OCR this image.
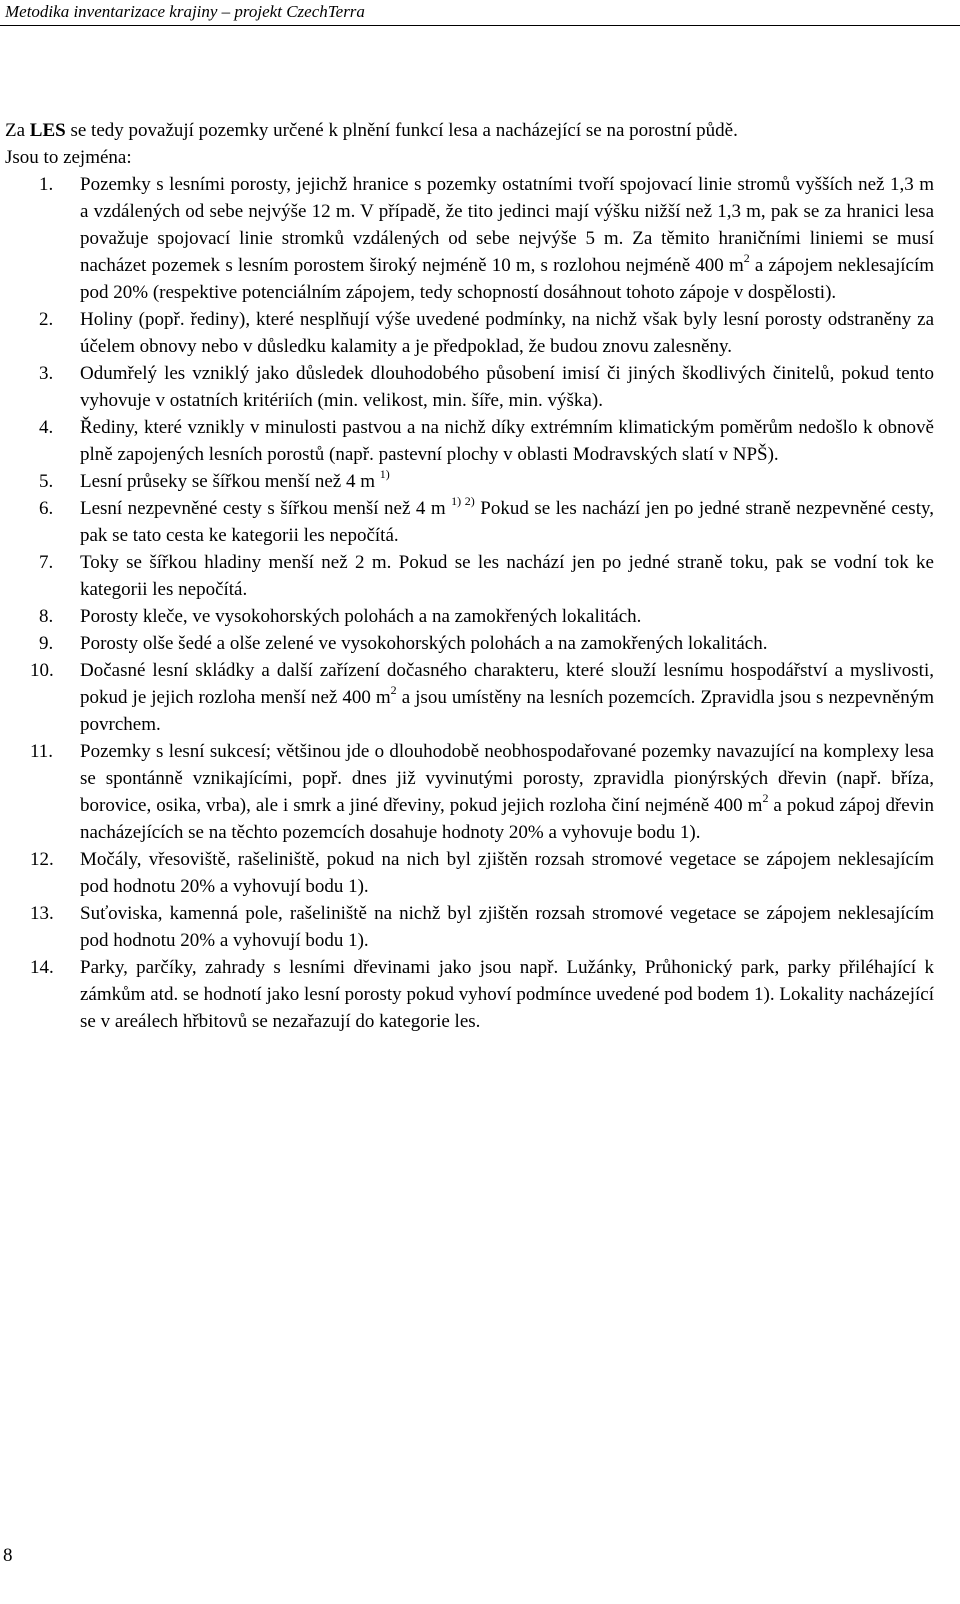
Metodika inventarizace krajiny – projekt CzechTerra

Za LES se tedy považují pozemky určené k plnění funkcí lesa a nacházející se na porostní půdě.

Jsou to zejména:

1. Pozemky s lesními porosty, jejichž hranice s pozemky ostatními tvoří spojovací linie stromů vyšších než 1,3 m a vzdálených od sebe nejvýše 12 m. V případě, že tito jedinci mají výšku nižší než 1,3 m, pak se za hranici lesa považuje spojovací linie stromků vzdálených od sebe nejvýše 5 m. Za těmito hraničními liniemi se musí nacházet pozemek s lesním porostem široký nejméně 10 m, s rozlohou nejméně 400 $m^2$ a zápojem neklesajícím pod 20% (respektive potenciálním zápojem, tedy schopností dosáhnout tohoto zápoje v dospělosti).
2. Holiny (popř. řediny), které nesplňují výše uvedené podmínky, na nichž však byly lesní porosty odstraněny za účelem obnovy nebo v důsledku kalamity a je předpoklad, že budou znovu zalesněny.
3. Odumřelý les vzniklý jako důsledek dlouhodobého působení imisí či jiných škodlivých činitelů, pokud tento vyhovuje v ostatních kritériích (min. velikost, min. šíře, min. výška).
4. Řediny, které vznikly v minulosti pastvou a na nichž díky extrémním klimatickým poměrům nedošlo k obnově plně zapojených lesních porostů (např. pastevní plochy v oblasti Modravských slatí v NPŠ).
5. Lesní průseky se šířkou menší než 4 m $^{1)}$
6. Lesní nezpevněné cesty s šířkou menší než 4 m $^{1) 2)}$ Pokud se les nachází jen po jedné straně nezpevněné cesty, pak se tato cesta ke kategorii les nepočítá.
7. Toky se šířkou hladiny menší než 2 m. Pokud se les nachází jen po jedné straně toku, pak se vodní tok ke kategorii les nepočítá.
8. Porosty kleče, ve vysokohorských polohách a na zamokřených lokalitách.
9. Porosty olše šedé a olše zelené ve vysokohorských polohách a na zamokřených lokalitách.
10. Dočasné lesní skládky a další zařízení dočasného charakteru, které slouží lesnímu hospodářství a myslivosti, pokud je jejich rozloha menší než 400 $m^2$ a jsou umístěny na lesních pozemcích. Zpravidla jsou s nezpevněným povrchem.
11. Pozemky s lesní sukcesí; většinou jde o dlouhodobě neobhospodařované pozemky navazující na komplexy lesa se spontánně vznikajícími, popř. dnes již vyvinutými porosty, zpravidla pionýrských dřevin (např. bříza, borovice, osika, vrba), ale i smrk a jiné dřeviny, pokud jejich rozloha činí nejméně 400 $m^2$ a pokud zápoj dřevin nacházejících se na těchto pozemcích dosahuje hodnoty 20% a vyhovuje bodu 1).
12. Močály, vřesoviště, rašeliniště, pokud na nich byl zjištěn rozsah stromové vegetace se zápojem neklesajícím pod hodnotu 20% a vyhovují bodu 1).
13. Suťoviska, kamenná pole, rašeliniště na nichž byl zjištěn rozsah stromové vegetace se zápojem neklesajícím pod hodnotu 20% a vyhovují bodu 1).
14. Parky, parčíky, zahrady s lesními dřevinami jako jsou např. Lužánky, Průhonický park, parky přiléhající k zámkům atd. se hodnotí jako lesní porosty pokud vyhoví podmínce uvedené pod bodem 1). Lokality nacházející se v areálech hřbitovů se nezařazují do kategorie les.
8
